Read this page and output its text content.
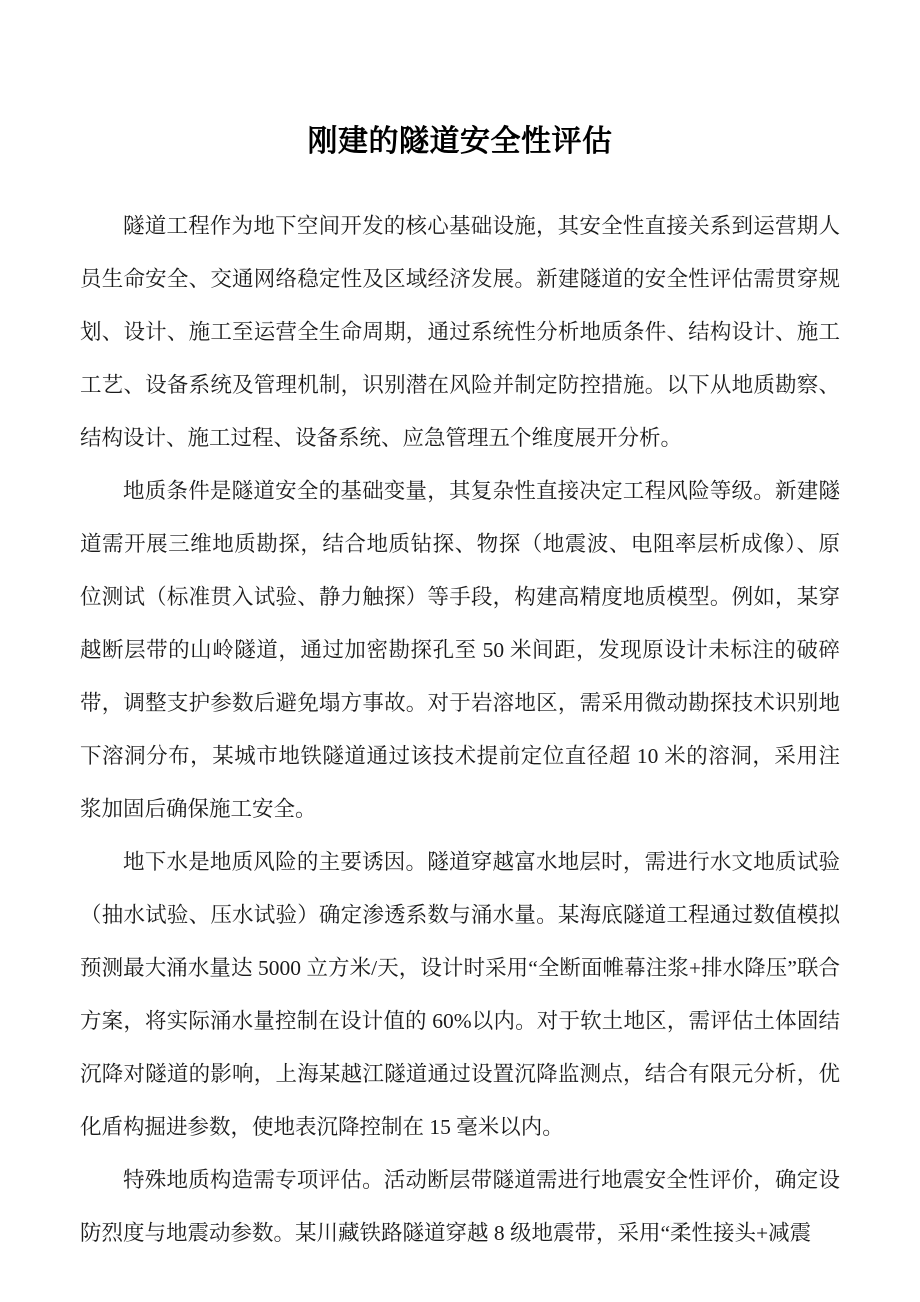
刚建的隧道安全性评估

隧道工程作为地下空间开发的核心基础设施，其安全性直接关系到运营期人员生命安全、交通网络稳定性及区域经济发展。新建隧道的安全性评估需贯穿规划、设计、施工至运营全生命周期，通过系统性分析地质条件、结构设计、施工工艺、设备系统及管理机制，识别潜在风险并制定防控措施。以下从地质勘察、结构设计、施工过程、设备系统、应急管理五个维度展开分析。

地质条件是隧道安全的基础变量，其复杂性直接决定工程风险等级。新建隧道需开展三维地质勘探，结合地质钻探、物探（地震波、电阻率层析成像）、原位测试（标准贯入试验、静力触探）等手段，构建高精度地质模型。例如，某穿越断层带的山岭隧道，通过加密勘探孔至 50 米间距，发现原设计未标注的破碎带，调整支护参数后避免塌方事故。对于岩溶地区，需采用微动勘探技术识别地下溶洞分布，某城市地铁隧道通过该技术提前定位直径超 10 米的溶洞，采用注浆加固后确保施工安全。

地下水是地质风险的主要诱因。隧道穿越富水地层时，需进行水文地质试验（抽水试验、压水试验）确定渗透系数与涌水量。某海底隧道工程通过数值模拟预测最大涌水量达 5000 立方米/天，设计时采用“全断面帷幕注浆+排水降压”联合方案，将实际涌水量控制在设计值的 60%以内。对于软土地区，需评估土体固结沉降对隧道的影响，上海某越江隧道通过设置沉降监测点，结合有限元分析，优化盾构掘进参数，使地表沉降控制在 15 毫米以内。

特殊地质构造需专项评估。活动断层带隧道需进行地震安全性评价，确定设防烈度与地震动参数。某川藏铁路隧道穿越 8 级地震带，采用“柔性接头+减震
